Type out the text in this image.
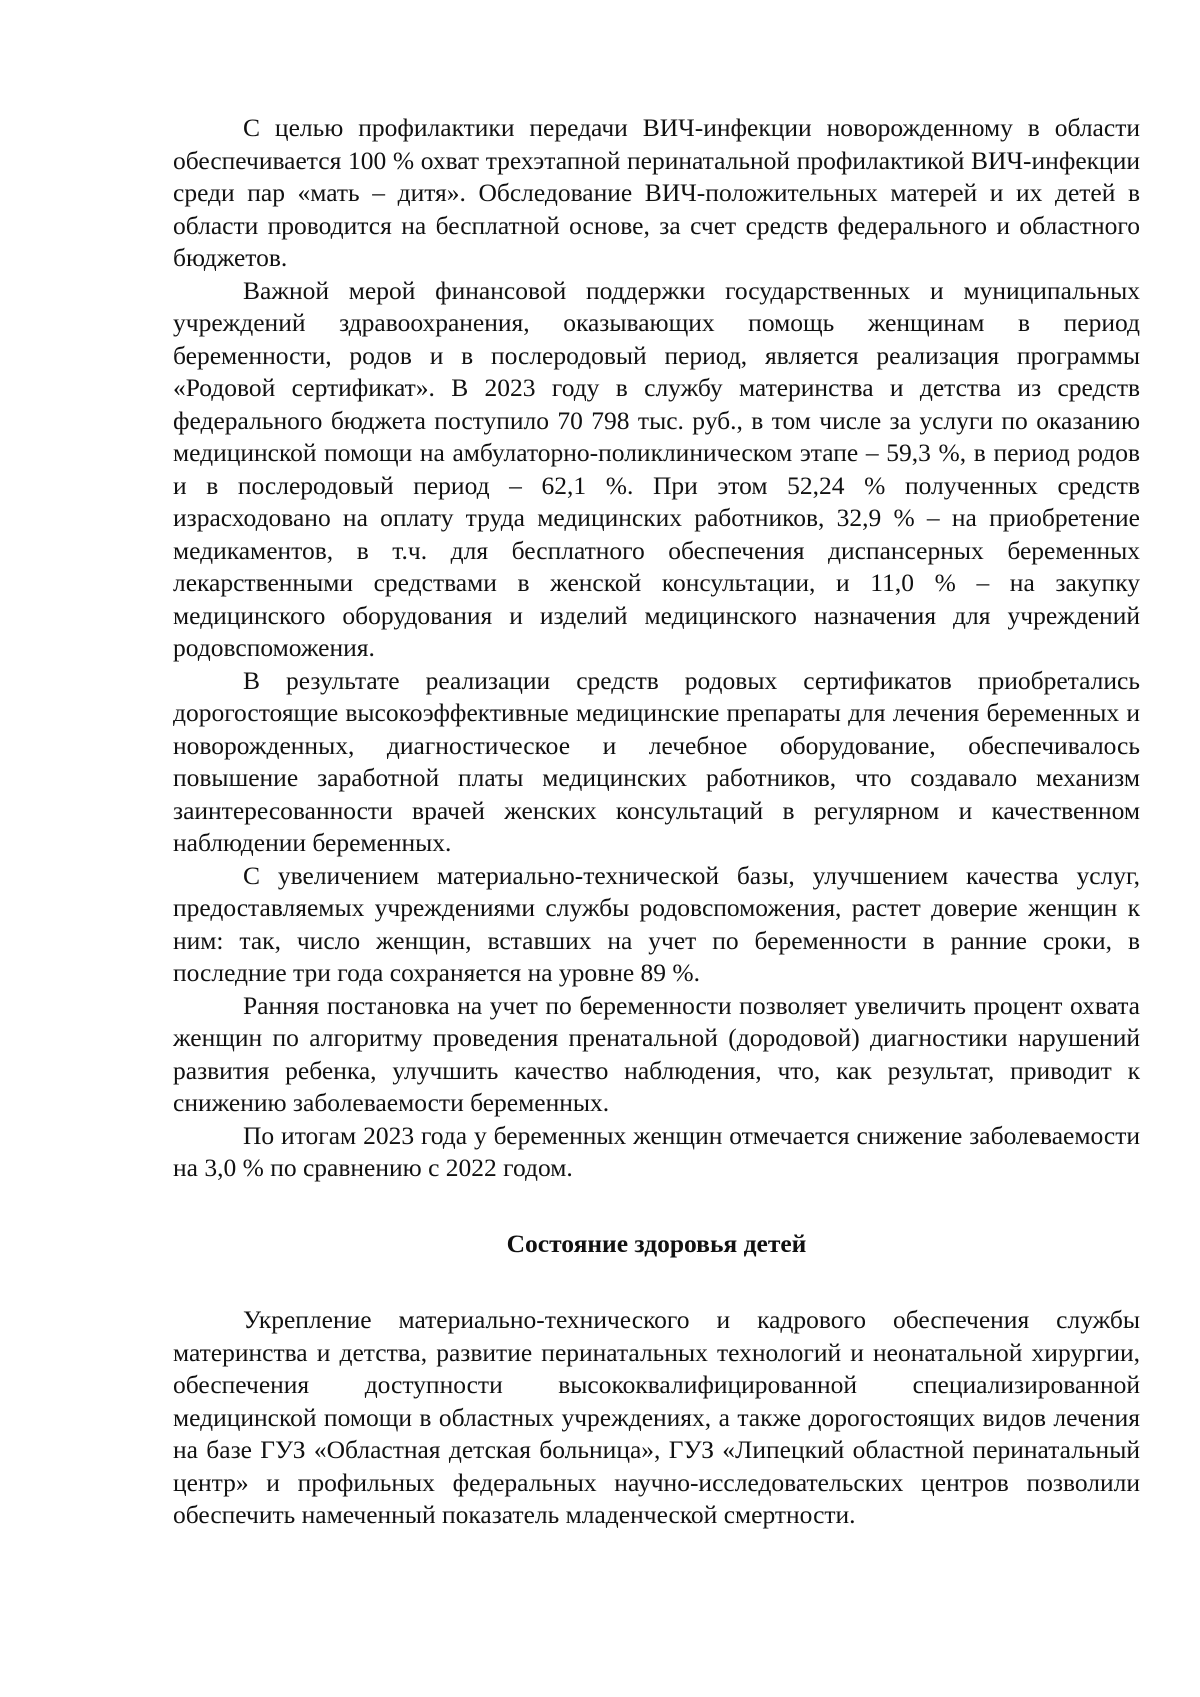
С целью профилактики передачи ВИЧ-инфекции новорожденному в области обеспечивается 100 % охват трехэтапной перинатальной профилактикой ВИЧ-инфекции среди пар «мать – дитя». Обследование ВИЧ-положительных матерей и их детей в области проводится на бесплатной основе, за счет средств федерального и областного бюджетов.

Важной мерой финансовой поддержки государственных и муниципальных учреждений здравоохранения, оказывающих помощь женщинам в период беременности, родов и в послеродовый период, является реализация программы «Родовой сертификат». В 2023 году в службу материнства и детства из средств федерального бюджета поступило 70 798 тыс. руб., в том числе за услуги по оказанию медицинской помощи на амбулаторно-поликлиническом этапе – 59,3 %, в период родов и в послеродовый период – 62,1 %. При этом 52,24 % полученных средств израсходовано на оплату труда медицинских работников, 32,9 % – на приобретение медикаментов, в т.ч. для бесплатного обеспечения диспансерных беременных лекарственными средствами в женской консультации, и 11,0 % – на закупку медицинского оборудования и изделий медицинского назначения для учреждений родовспоможения.

В результате реализации средств родовых сертификатов приобретались дорогостоящие высокоэффективные медицинские препараты для лечения беременных и новорожденных, диагностическое и лечебное оборудование, обеспечивалось повышение заработной платы медицинских работников, что создавало механизм заинтересованности врачей женских консультаций в регулярном и качественном наблюдении беременных.

С увеличением материально-технической базы, улучшением качества услуг, предоставляемых учреждениями службы родовспоможения, растет доверие женщин к ним: так, число женщин, вставших на учет по беременности в ранние сроки, в последние три года сохраняется на уровне 89 %.

Ранняя постановка на учет по беременности позволяет увеличить процент охвата женщин по алгоритму проведения пренатальной (дородовой) диагностики нарушений развития ребенка, улучшить качество наблюдения, что, как результат, приводит к снижению заболеваемости беременных.

По итогам 2023 года у беременных женщин отмечается снижение заболеваемости на 3,0 % по сравнению с 2022 годом.

Состояние здоровья детей

Укрепление материально-технического и кадрового обеспечения службы материнства и детства, развитие перинатальных технологий и неонатальной хирургии, обеспечения доступности высококвалифицированной специализированной медицинской помощи в областных учреждениях, а также дорогостоящих видов лечения на базе ГУЗ «Областная детская больница», ГУЗ «Липецкий областной перинатальный центр» и профильных федеральных научно-исследовательских центров позволили обеспечить намеченный показатель младенческой смертности.
